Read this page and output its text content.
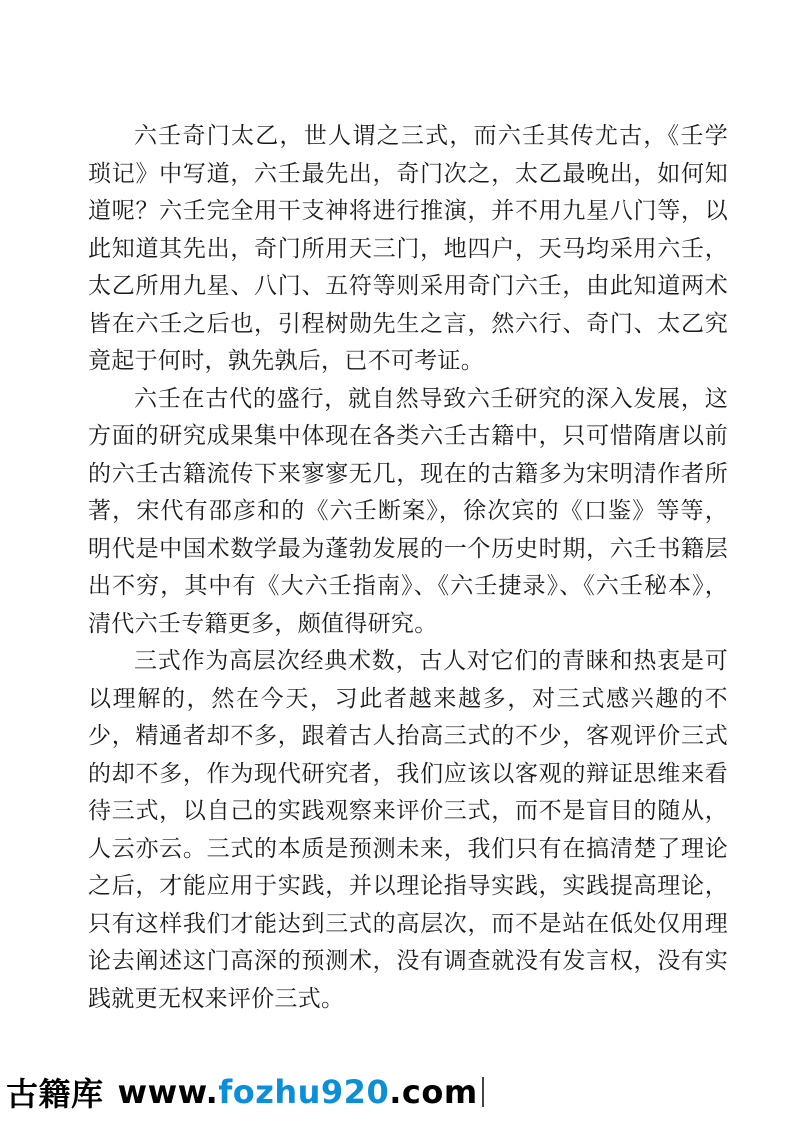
六壬奇门太乙，世人谓之三式，而六壬其传尤古，《壬学琐记》中写道，六壬最先出，奇门次之，太乙最晚出，如何知道呢？六壬完全用干支神将进行推演，并不用九星八门等，以此知道其先出，奇门所用天三门，地四户，天马均采用六壬，太乙所用九星、八门、五符等则采用奇门六壬，由此知道两术皆在六壬之后也，引程树勋先生之言，然六行、奇门、太乙究竟起于何时，孰先孰后，已不可考证。

六壬在古代的盛行，就自然导致六壬研究的深入发展，这方面的研究成果集中体现在各类六壬古籍中，只可惜隋唐以前的六壬古籍流传下来寥寥无几，现在的古籍多为宋明清作者所著，宋代有邵彦和的《六壬断案》，徐次宾的《口鉴》等等，明代是中国术数学最为蓬勃发展的一个历史时期，六壬书籍层出不穷，其中有《大六壬指南》、《六壬捷录》、《六壬秘本》，清代六壬专籍更多，颇值得研究。

三式作为高层次经典术数，古人对它们的青睐和热衷是可以理解的，然在今天，习此者越来越多，对三式感兴趣的不少，精通者却不多，跟着古人抬高三式的不少，客观评价三式的却不多，作为现代研究者，我们应该以客观的辩证思维来看待三式，以自己的实践观察来评价三式，而不是盲目的随从，人云亦云。三式的本质是预测未来，我们只有在搞清楚了理论之后，才能应用于实践，并以理论指导实践，实践提高理论，只有这样我们才能达到三式的高层次，而不是站在低处仅用理论去阐述这门高深的预测术，没有调查就没有发言权，没有实践就更无权来评价三式。

古籍库 www. fozhu920 .com
